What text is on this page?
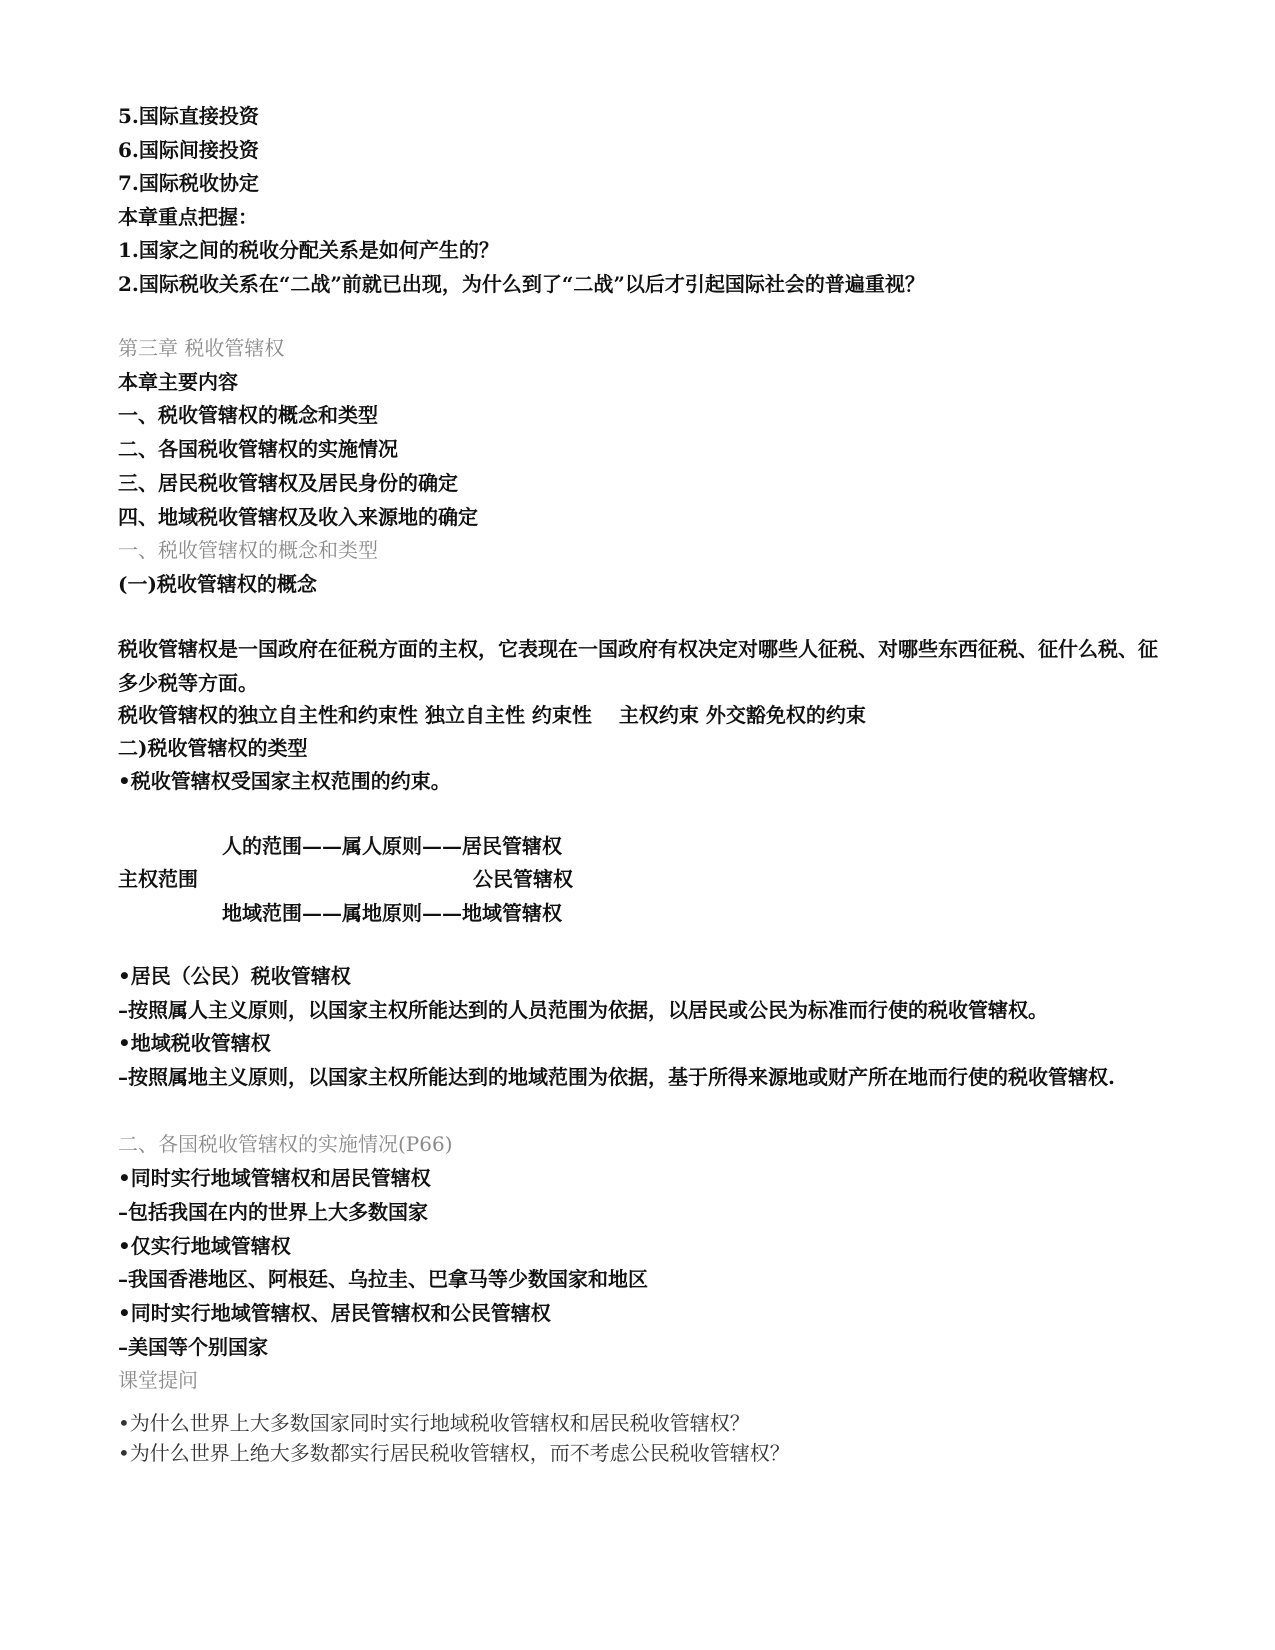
5.国际直接投资
6.国际间接投资
7.国际税收协定
本章重点把握：
1.国家之间的税收分配关系是如何产生的？
2.国际税收关系在“二战”前就已出现，为什么到了“二战”以后才引起国际社会的普遍重视？
第三章 税收管辖权
本章主要内容
一、税收管辖权的概念和类型
二、各国税收管辖权的实施情况
三、居民税收管辖权及居民身份的确定
四、地域税收管辖权及收入来源地的确定
一、税收管辖权的概念和类型
(一)税收管辖权的概念
税收管辖权是一国政府在征税方面的主权，它表现在一国政府有权决定对哪些人征税、对哪些东西征税、征什么税、征多少税等方面。
税收管辖权的独立自主性和约束性 独立自主性 约束性　 主权约束 外交豁免权的约束
二)税收管辖权的类型
•税收管辖权受国家主权范围的约束。
人的范围——属人原则——居民管辖权
主权范围	公民管辖权
地域范围——属地原则——地域管辖权
•居民（公民）税收管辖权
–按照属人主义原则，以国家主权所能达到的人员范围为依据，以居民或公民为标准而行使的税收管辖权。
•地域税收管辖权
–按照属地主义原则，以国家主权所能达到的地域范围为依据，基于所得来源地或财产所在地而行使的税收管辖权.
二、各国税收管辖权的实施情况(P66)
•同时实行地域管辖权和居民管辖权
–包括我国在内的世界上大多数国家
•仅实行地域管辖权
–我国香港地区、阿根廷、乌拉圭、巴拿马等少数国家和地区
•同时实行地域管辖权、居民管辖权和公民管辖权
–美国等个别国家
课堂提问
•为什么世界上大多数国家同时实行地域税收管辖权和居民税收管辖权？
•为什么世界上绝大多数都实行居民税收管辖权，而不考虑公民税收管辖权？
